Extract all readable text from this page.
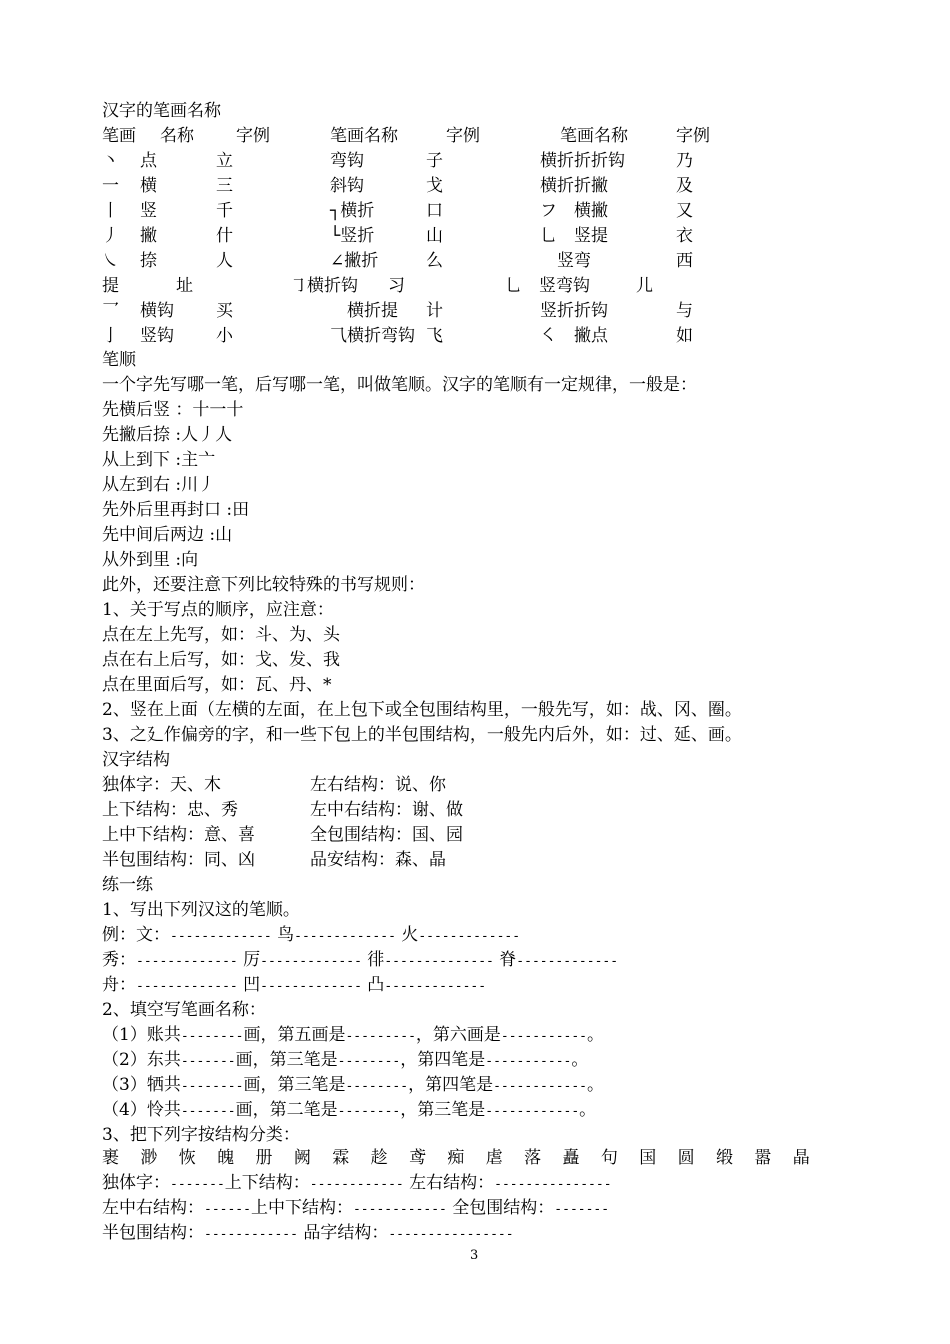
汉字的笔画名称
笔画 名称 字例	笔画名称	字例	笔画名称	字例
丶 点	立	弯钩	子	横折折折钩	乃
一 横	三	斜钩	戈	横折折撇	及
丨 竖	千	┐横折	口	フ　横撇	又
丿 撇	什	└竖折	山	乚　竖提	衣
㇏ 捺	人	∠撇折	么	　竖弯	西
提	址	㇆横折钩 习	乚　竖弯钩	儿
乛 横钩 买	　横折提 计	竖折折钩	与
亅 竖钩 小	⺄横折弯钩 飞	㇛　撇点	如
笔顺
一个字先写哪一笔，后写哪一笔，叫做笔顺。汉字的笔顺有一定规律，一般是：
先横后竖 ：十一十
先撇后捺 :人丿人
从上到下 :主亠
从左到右 :川丿
先外后里再封口 :田
先中间后两边 :山
从外到里 :向
此外，还要注意下列比较特殊的书写规则：
1、关于写点的顺序，应注意：
点在左上先写，如：斗、为、头
点在右上后写，如：戈、发、我
点在里面后写，如：瓦、丹、*
2、竖在上面（左横的左面，在上包下或全包围结构里，一般先写，如：战、冈、圈。
3、之廴作偏旁的字，和一些下包上的半包围结构，一般先内后外，如：过、延、画。
汉字结构
独体字：天、木	左右结构：说、你
上下结构：忠、秀	左中右结构：谢、做
上中下结构：意、喜	全包围结构：国、园
半包围结构：同、凶	品安结构：森、晶
练一练
1、写出下列汉这的笔顺。
例：文：------------- 鸟------------- 火-------------
秀：------------- 厉------------- 徘-------------- 脊-------------
舟：------------- 凹------------- 凸-------------
2、填空写笔画名称：
（1）账共--------画，第五画是---------，第六画是-----------。
（2）东共-------画，第三笔是--------，第四笔是-----------。
（3）牺共--------画，第三笔是--------，第四笔是------------。
（4）怜共-------画，第二笔是--------，第三笔是------------。
3、把下列字按结构分类：
裹 渺 恢 魄 册 阙 霖 趁 鸢 痴 虐 落 矗 句 国 圆 缎 嚣 晶
独体字：-------上下结构：------------ 左右结构：---------------
左中右结构：------上中下结构：------------ 全包围结构：-------
半包围结构：------------ 品字结构：----------------
3
